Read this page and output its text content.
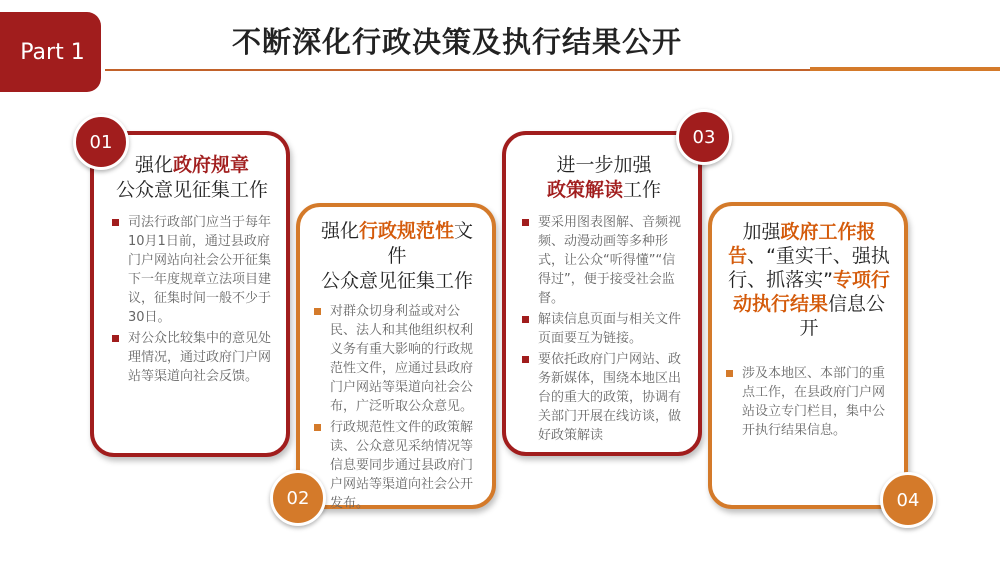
Part 1	不断深化行政决策及执行结果公开
强化政府规章
公众意见征集工作
司法行政部门应当于每年10月1日前，通过县政府门户网站向社会公开征集下一年度规章立法项目建议，征集时间一般不少于30日。
对公众比较集中的意见处理情况，通过政府门户网站等渠道向社会反馈。
01
强化行政规范性文件
公众意见征集工作
对群众切身利益或对公民、法人和其他组织权利义务有重大影响的行政规范性文件，应通过县政府门户网站等渠道向社会公布，广泛听取公众意见。
行政规范性文件的政策解读、公众意见采纳情况等信息要同步通过县政府门户网站等渠道向社会公开发布。
02
进一步加强
政策解读工作
要采用图表图解、音频视频、动漫动画等多种形式，让公众“听得懂”“信得过”，便于接受社会监督。
解读信息页面与相关文件页面要互为链接。
要依托政府门户网站、政务新媒体，围绕本地区出台的重大的政策，协调有关部门开展在线访谈，做好政策解读
03
加强政府工作报告、“重实干、强执行、抓落实”专项行动执行结果信息公开
涉及本地区、本部门的重点工作，在县政府门户网站设立专门栏目，集中公开执行结果信息。
04
